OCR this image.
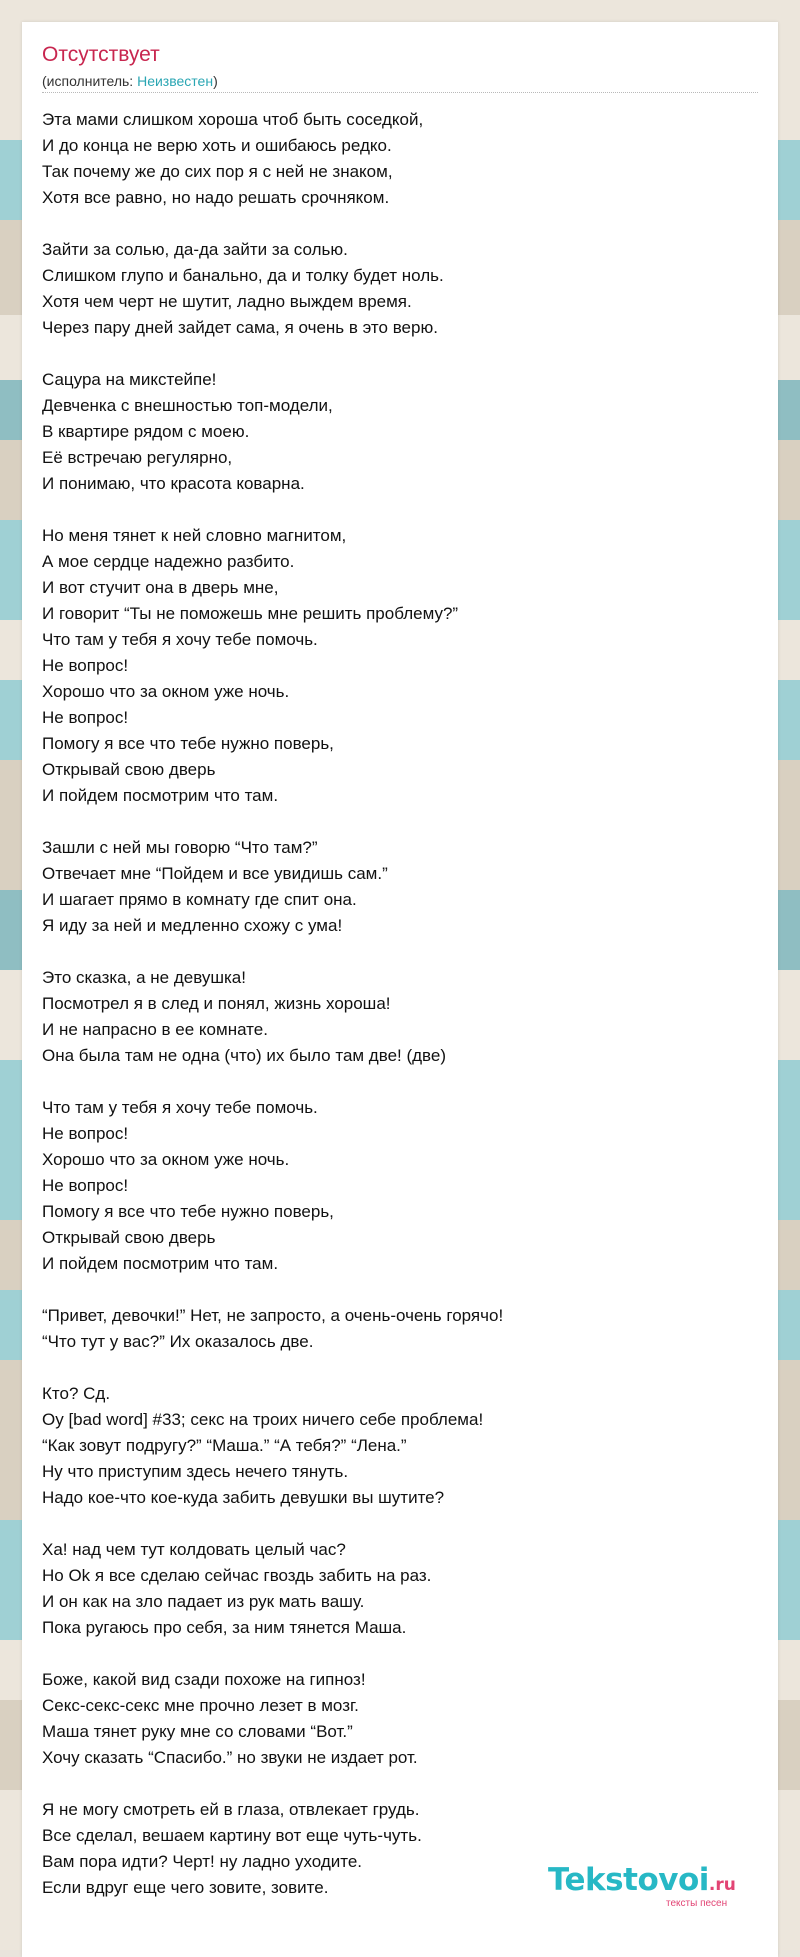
Отсутствует
(исполнитель: Неизвестен)
Эта мами слишком хороша чтоб быть соседкой,
И до конца не верю хоть и ошибаюсь редко.
Так почему же до сих пор я с ней не знаком,
Хотя все равно, но надо решать срочняком.
Зайти за солью, да-да зайти за солью.
Слишком глупо и банально, да и толку будет ноль.
Хотя чем черт не шутит, ладно выждем время.
Через пару дней зайдет сама, я очень в это верю.
Сацура на микстейпе!
Девченка с внешностью топ-модели,
В квартире рядом с моею.
Её встречаю регулярно,
И понимаю, что красота коварна.
Но меня тянет к ней словно магнитом,
А мое сердце надежно разбито.
И вот стучит она в дверь мне,
И говорит “Ты не поможешь мне решить проблему?”
Что там у тебя я хочу тебе помочь.
Не вопрос!
Хорошо что за окном уже ночь.
Не вопрос!
Помогу я все что тебе нужно поверь,
Открывай свою дверь
И пойдем посмотрим что там.
Зашли с ней мы говорю “Что там?”
Отвечает мне “Пойдем и все увидишь сам.”
И шагает прямо в комнату где спит она.
Я иду за ней и медленно схожу с ума!
Это сказка, а не девушка!
Посмотрел я в след и понял, жизнь хороша!
И не напрасно в ее комнате.
Она была там не одна (что) их было там две! (две)
Что там у тебя я хочу тебе помочь.
Не вопрос!
Хорошо что за окном уже ночь.
Не вопрос!
Помогу я все что тебе нужно поверь,
Открывай свою дверь
И пойдем посмотрим что там.
“Привет, девочки!” Нет, не запросто, а очень-очень горячо!
“Что тут у вас?” Их оказалось две.
Кто? Сд.
Оу [bad word] #33; секс на троих ничего себе проблема!
“Как зовут подругу?” “Маша.” “А тебя?” “Лена.”
Ну что приступим здесь нечего тянуть.
Надо кое-что кое-куда забить девушки вы шутите?
Ха! над чем тут колдовать целый час?
Но Ok я все сделаю сейчас гвоздь забить на раз.
И он как на зло падает из рук мать вашу.
Пока ругаюсь про себя, за ним тянется Маша.
Боже, какой вид сзади похоже на гипноз!
Секс-секс-секс мне прочно лезет в мозг.
Маша тянет руку мне со словами “Вот.”
Хочу сказать “Спасибо.” но звуки не издает рот.
Я не могу смотреть ей в глаза, отвлекает грудь.
Все сделал, вешаем картину вот еще чуть-чуть.
Вам пора идти? Черт! ну ладно уходите.
Если вдруг еще чего зовите, зовите.	Tekstovoi.ru
тексты песен
